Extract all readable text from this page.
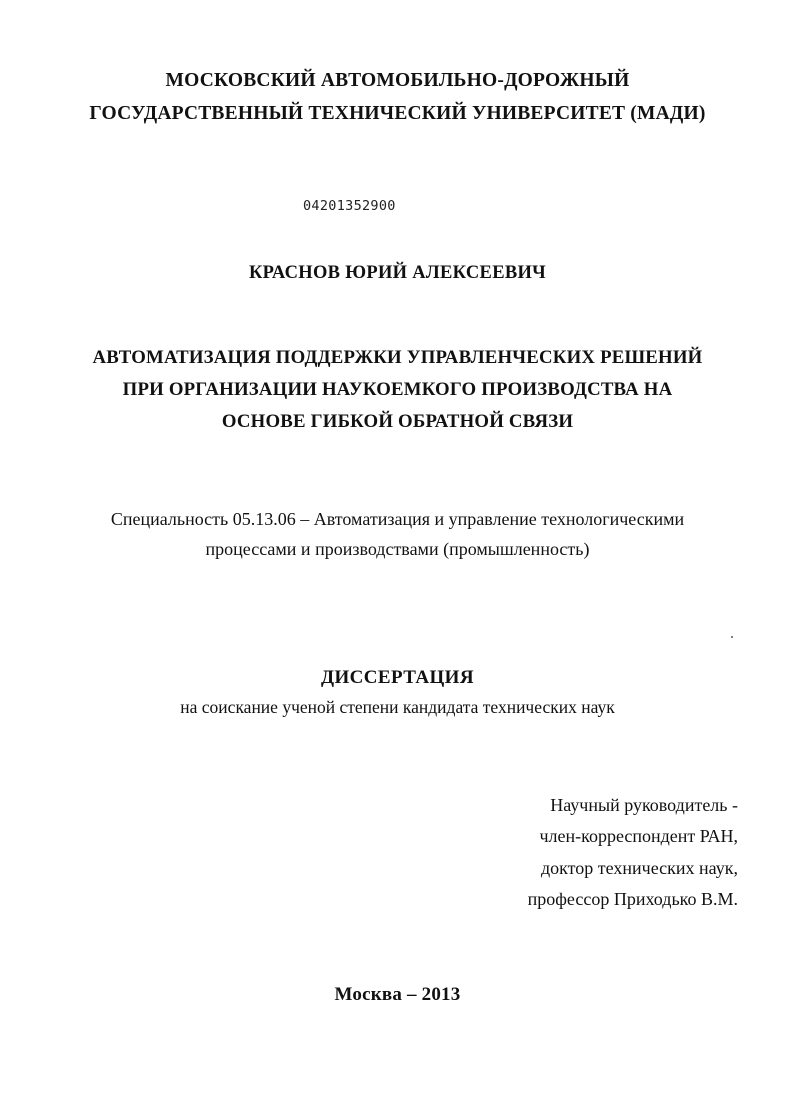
МОСКОВСКИЙ АВТОМОБИЛЬНО-ДОРОЖНЫЙ
ГОСУДАРСТВЕННЫЙ ТЕХНИЧЕСКИЙ УНИВЕРСИТЕТ (МАДИ)
04201352900
КРАСНОВ ЮРИЙ АЛЕКСЕЕВИЧ
АВТОМАТИЗАЦИЯ ПОДДЕРЖКИ УПРАВЛЕНЧЕСКИХ РЕШЕНИЙ
ПРИ ОРГАНИЗАЦИИ НАУКОЕМКОГО ПРОИЗВОДСТВА НА
ОСНОВЕ ГИБКОЙ ОБРАТНОЙ СВЯЗИ
Специальность 05.13.06 – Автоматизация и управление технологическими
процессами и производствами (промышленность)
ДИССЕРТАЦИЯ
на соискание ученой степени кандидата технических наук
Научный руководитель -
член-корреспондент РАН,
доктор технических наук,
профессор Приходько В.М.
Москва – 2013
